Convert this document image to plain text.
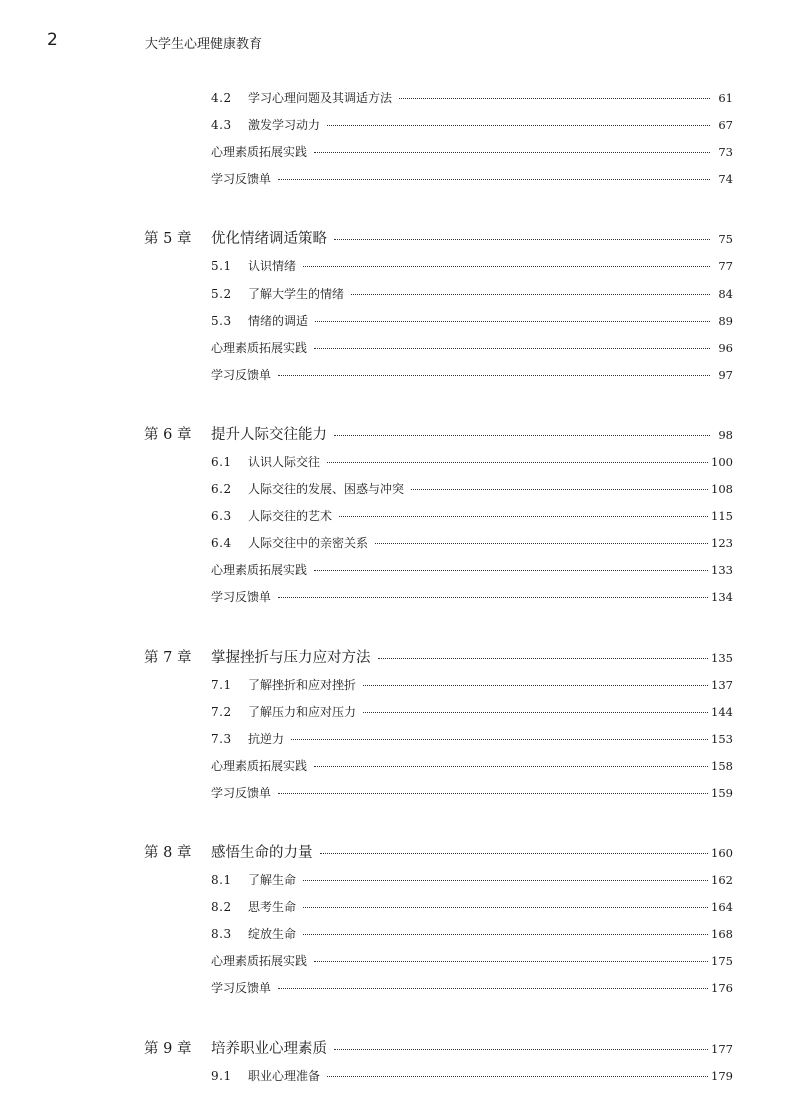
2	大学生心理健康教育
4.2	学习心理问题及其调适方法	61
4.3	激发学习动力	67
心理素质拓展实践	73
学习反馈单	74
第 5 章	优化情绪调适策略	75
5.1	认识情绪	77
5.2	了解大学生的情绪	84
5.3	情绪的调适	89
心理素质拓展实践	96
学习反馈单	97
第 6 章	提升人际交往能力	98
6.1	认识人际交往	100
6.2	人际交往的发展、困惑与冲突	108
6.3	人际交往的艺术	115
6.4	人际交往中的亲密关系	123
心理素质拓展实践	133
学习反馈单	134
第 7 章	掌握挫折与压力应对方法	135
7.1	了解挫折和应对挫折	137
7.2	了解压力和应对压力	144
7.3	抗逆力	153
心理素质拓展实践	158
学习反馈单	159
第 8 章	感悟生命的力量	160
8.1	了解生命	162
8.2	思考生命	164
8.3	绽放生命	168
心理素质拓展实践	175
学习反馈单	176
第 9 章	培养职业心理素质	177
9.1	职业心理准备	179
